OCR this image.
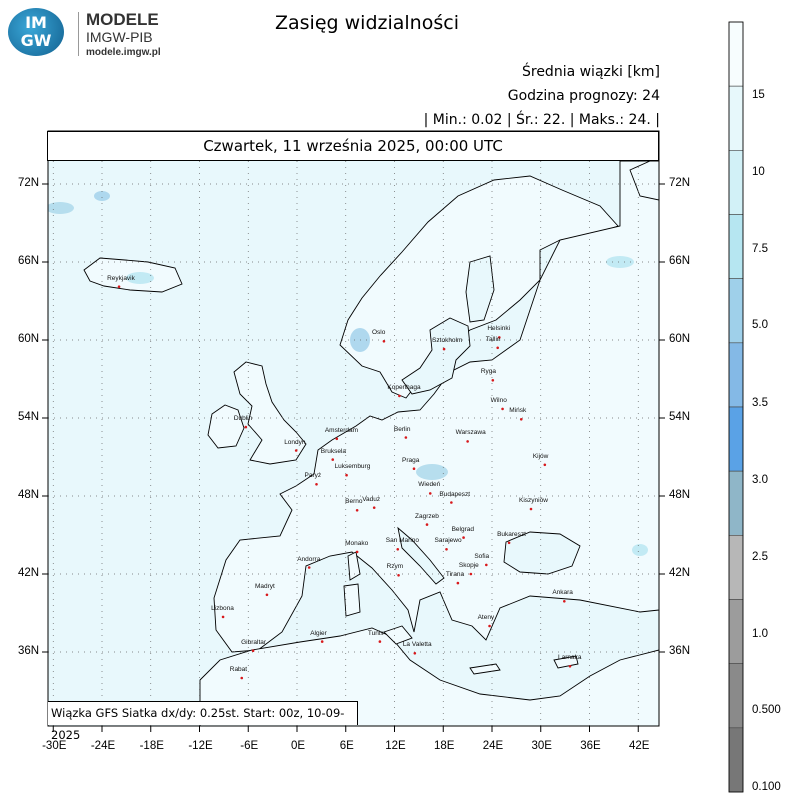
IM
GW
MODELE
IMGW-PIB
modele.imgw.pl
Zasięg widzialności
Średnia wiązki [km]
Godzina prognozy: 24
| Min.: 0.02 | Śr.: 22. | Maks.: 24. |
Czwartek, 11 września 2025, 00:00 UTC
-30E -24E -18E -12E	-6E	0E	6E	12E	18E	24E	30E	36E	42E
72N
66N
60N
54N
48N
42N
36N
72N
66N
60N
54N
48N
42N
36N
Reykjavik
Oslo
Sztokholm
Helsinki
Tallin
Ryga
Kopenhaga
Wilno
Mińsk
Dublin
Londyn
Amsterdam	Berlin
Warszawa
Bruksela
Luksemburg
Praga
Kijów
Paryż
Wiedeń
Budapeszt
Kiszyniów
Berno Vaduz
Zagrzeb
Belgrad
Bukareszt
Monako	San Marino Sarajewo
Sofia
Skopje
Andorra
Rzym
Tirana
Madryt
Ankara
Lizbona
Ateny
Algier	Tunis
La Valetta
Gibraltar
Rabat
Larnaka
15
10
7.5
5.0
3.5
3.0
2.5
1.0
0.500
0.100
Wiązka GFS Siatka dx/dy: 0.25st. Start: 00z, 10-09-2025
